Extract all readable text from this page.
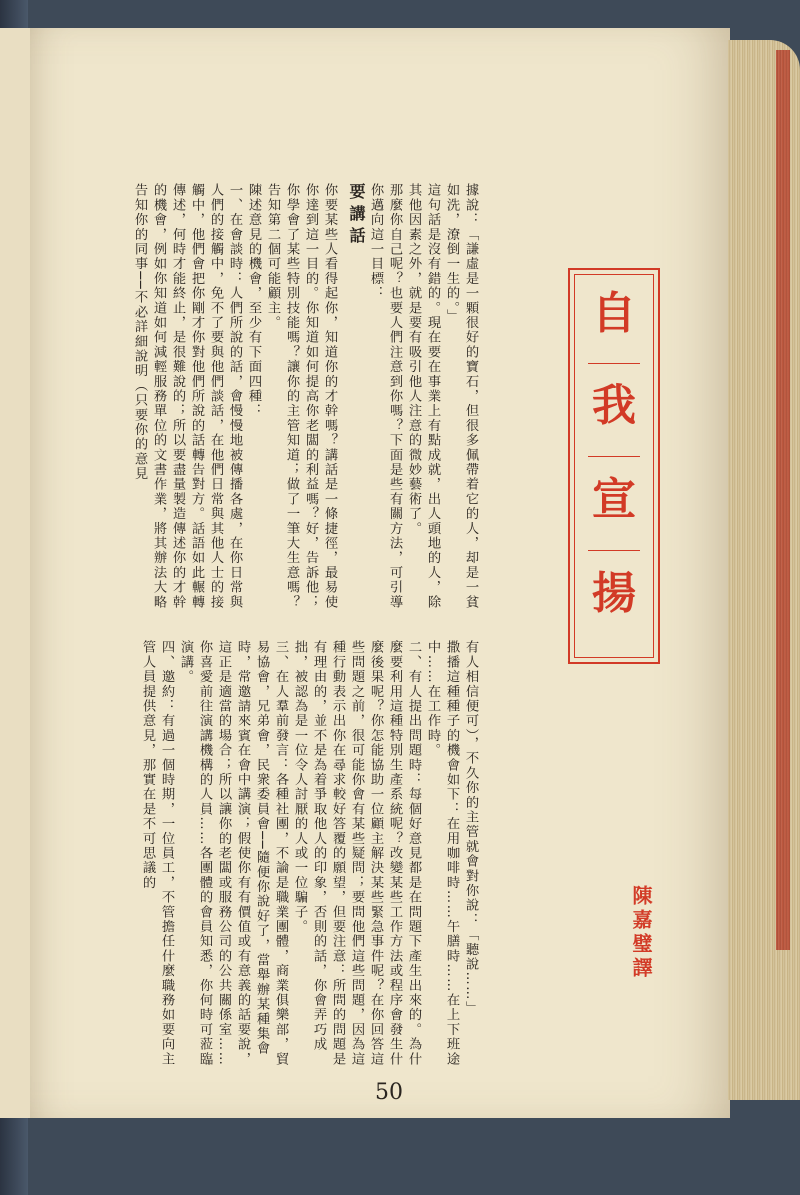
據說：「謙虛是一顆很好的寶石，但很多佩帶着它的人，却是一貧如洗，潦倒一生的。」

這句話是沒有錯的。現在要在事業上有點成就，出人頭地的人，除其他因素之外，就是要有吸引他人注意的微妙藝術了。

那麼你自己呢？也要人們注意到你嗎？下面是些有關方法，可引導你邁向這一目標：

要講話

你要某些人看得起你，知道你的才幹嗎？講話是一條捷徑，最易使你達到這一目的。你知道如何提高你老闆的利益嗎？好，告訴他；你學會了某些特別技能嗎？讓你的主管知道；做了一筆大生意嗎？告知第二個可能顧主。

陳述意見的機會，至少有下面四種：

一、在會談時：人們所說的話，會慢慢地被傳播各處，在你日常與人們的接觸中，免不了要與他們談話，在他們日常與其他人士的接觸中，他們會把你剛才你對他們所說的話轉告對方。話語如此輾轉傳述，何時才能終止，是很難說的；所以要盡量製造傳述你的才幹的機會，例如你知道如何減輕服務單位的文書作業，將其辦法大略告知你的同事──不必詳細說明（只要你的意見

有人相信便可），不久你的主管就會對你說：「聽說……」

撒播這種種子的機會如下：在用咖啡時……午膳時……在上下班途中……在工作時。

二、有人提出問題時：每個好意見都是在問題下產生出來的。為什麼要利用這種特別生產系統呢？改變某些工作方法或程序會發生什麼後果呢？你怎能協助一位顧主解決某些緊急事件呢？在你回答這些問題之前，很可能你會有某些疑問；要問他們這些問題，因為這種行動表示出你在尋求較好答覆的願望，但要注意：所問的問題是有理由的，並不是為着爭取他人的印象，否則的話，你會弄巧成拙，被認為是一位令人討厭的人或一位騙子。

三、在人羣前發言：各種社團，不論是職業團體，商業俱樂部，貿易協會，兄弟會，民衆委員會──隨便你說好了，當舉辦某種集會時，常邀請來賓在會中講演；假使你有有價值或有意義的話要說，這正是適當的場合；所以讓你的老闆或服務公司的公共關係室……你喜愛前往演講機構的人員……各團體的會員知悉，你何時可蒞臨演講。

四、邀約：有過一個時期，一位員工，不管擔任什麼職務如要向主管人員提供意見，那實在是不可思議的

50
自
我
宣
揚
陳嘉璧譯
